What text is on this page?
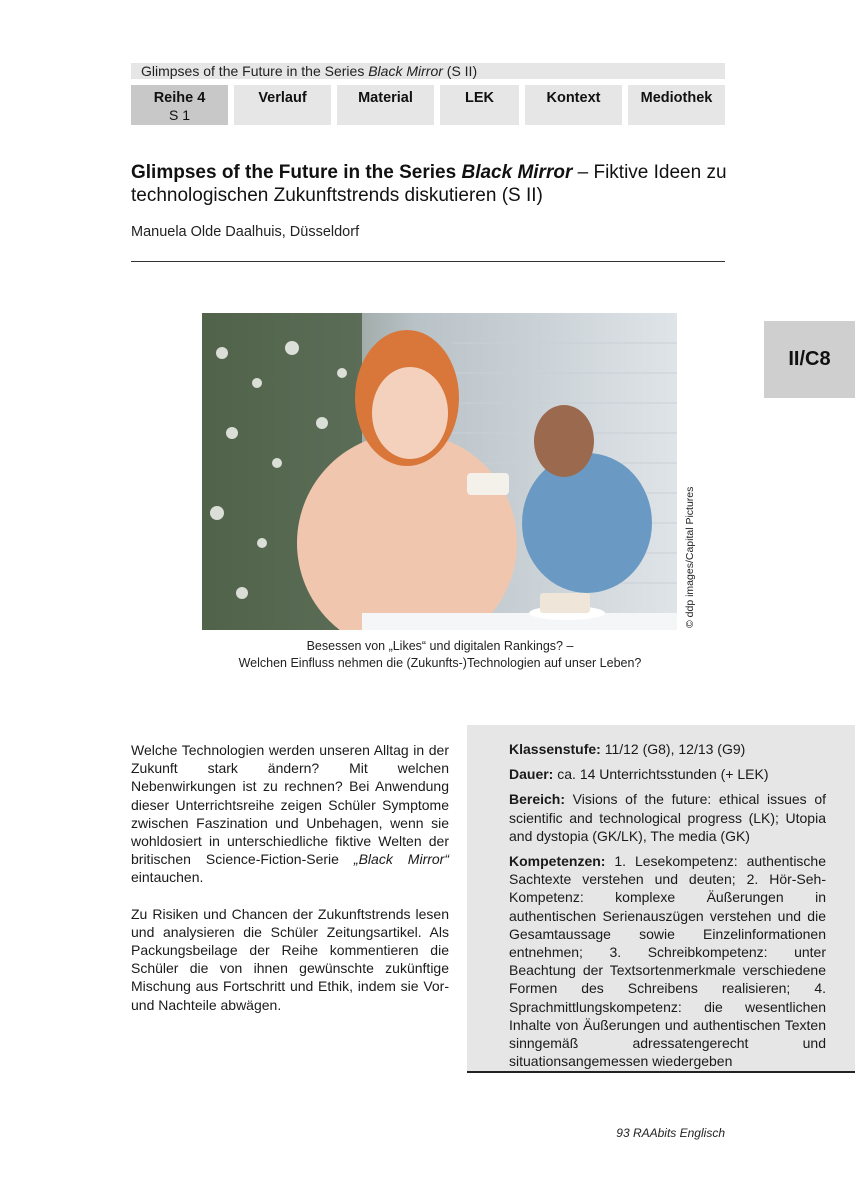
Glimpses of the Future in the Series Black Mirror (S II)
Reihe 4
S 1
Verlauf	Material	LEK	Kontext	Mediothek
Glimpses of the Future in the Series Black Mirror – Fiktive Ideen zu technologischen Zukunftstrends diskutieren (S II)
Manuela Olde Daalhuis, Düsseldorf
© ddp images/Capital Pictures
Besessen von „Likes“ und digitalen Rankings? –
Welchen Einfluss nehmen die (Zukunfts-)Technologien auf unser Leben?
II/C8

Welche Technologien werden unseren Alltag in der Zukunft stark ändern? Mit welchen Nebenwirkungen ist zu rechnen? Bei Anwendung dieser Unterrichtsreihe zeigen Schüler Symptome zwischen Faszination und Unbehagen, wenn sie wohldosiert in unterschiedliche fiktive Welten der britischen Science-Fiction-Serie „Black Mirror“ eintauchen.

Zu Risiken und Chancen der Zukunftstrends lesen und analysieren die Schüler Zeitungsartikel. Als Packungsbeilage der Reihe kommentieren die Schüler die von ihnen gewünschte zukünftige Mischung aus Fortschritt und Ethik, indem sie Vor- und Nachteile abwägen.

Klassenstufe: 11/12 (G8), 12/13 (G9)

Dauer: ca. 14 Unterrichtsstunden (+ LEK)

Bereich: Visions of the future: ethical issues of scientific and technological progress (LK); Utopia and dystopia (GK/LK), The media (GK)

Kompetenzen: 1. Lesekompetenz: authentische Sachtexte verstehen und deuten; 2. Hör-Seh-Kompetenz: komplexe Äußerungen in authentischen Serienauszügen verstehen und die Gesamtaussage sowie Einzelinformationen entnehmen; 3. Schreibkompetenz: unter Beachtung der Textsortenmerkmale verschiedene Formen des Schreibens realisieren; 4. Sprachmittlungskompetenz: die wesentlichen Inhalte von Äußerungen und authentischen Texten sinngemäß adressatengerecht und situationsangemessen wiedergeben

93 RAAbits Englisch
